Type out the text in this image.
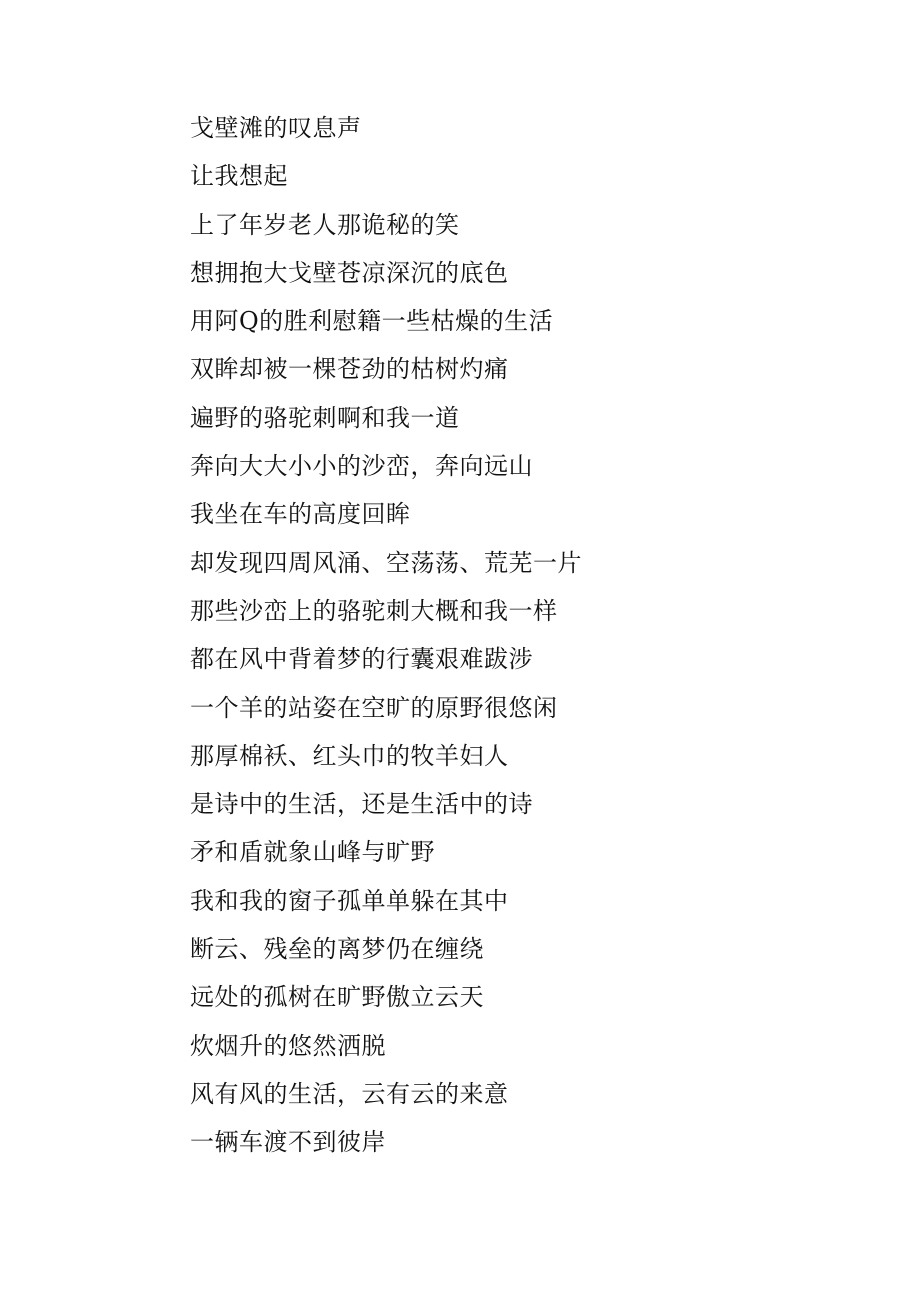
戈壁滩的叹息声
让我想起
上了年岁老人那诡秘的笑
想拥抱大戈壁苍凉深沉的底色
用阿Q的胜利慰籍一些枯燥的生活
双眸却被一棵苍劲的枯树灼痛
遍野的骆驼刺啊和我一道
奔向大大小小的沙峦，奔向远山
我坐在车的高度回眸
却发现四周风涌、空荡荡、荒芜一片
那些沙峦上的骆驼刺大概和我一样
都在风中背着梦的行囊艰难跋涉
一个羊的站姿在空旷的原野很悠闲
那厚棉袄、红头巾的牧羊妇人
是诗中的生活，还是生活中的诗
矛和盾就象山峰与旷野
我和我的窗子孤单单躲在其中
断云、残垒的离梦仍在缠绕
远处的孤树在旷野傲立云天
炊烟升的悠然洒脱
风有风的生活，云有云的来意
一辆车渡不到彼岸
